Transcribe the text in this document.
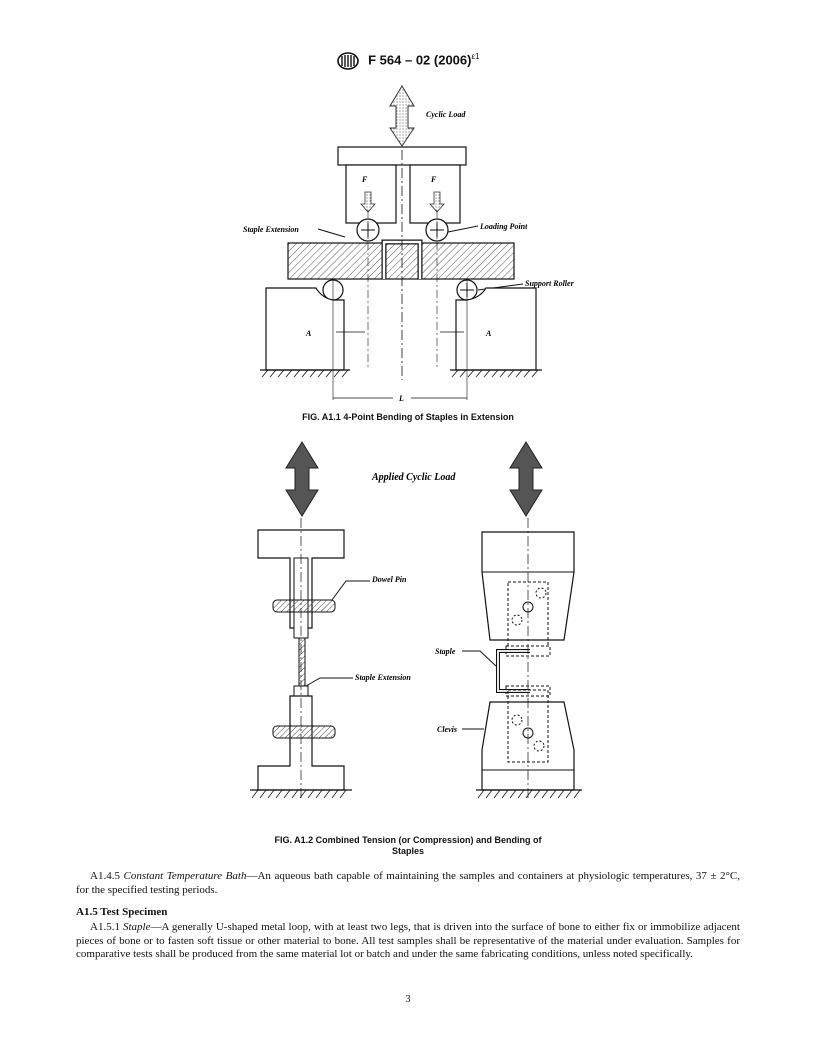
F 564 – 02 $(2006)^{\varepsilon 1}$
Cyclic Load
F	F
Staple Extension	Loading Point
Support Roller
A	A
L
FIG. A1.1 4-Point Bending of Staples in Extension
Applied Cyclic Load
Dowel Pin
Staple Extension
Staple
Clevis
FIG. A1.2 Combined Tension (or Compression) and Bending of
Staples

A1.4.5 Constant Temperature Bath—An aqueous bath capable of maintaining the samples and containers at physiologic temperatures, 37 ± 2°C, for the specified testing periods.

A1.5 Test Specimen

A1.5.1 Staple—A generally U-shaped metal loop, with at least two legs, that is driven into the surface of bone to either fix or immobilize adjacent pieces of bone or to fasten soft tissue or other material to bone. All test samples shall be representative of the material under evaluation. Samples for comparative tests shall be produced from the same material lot or batch and under the same fabricating conditions, unless noted specifically.

3
